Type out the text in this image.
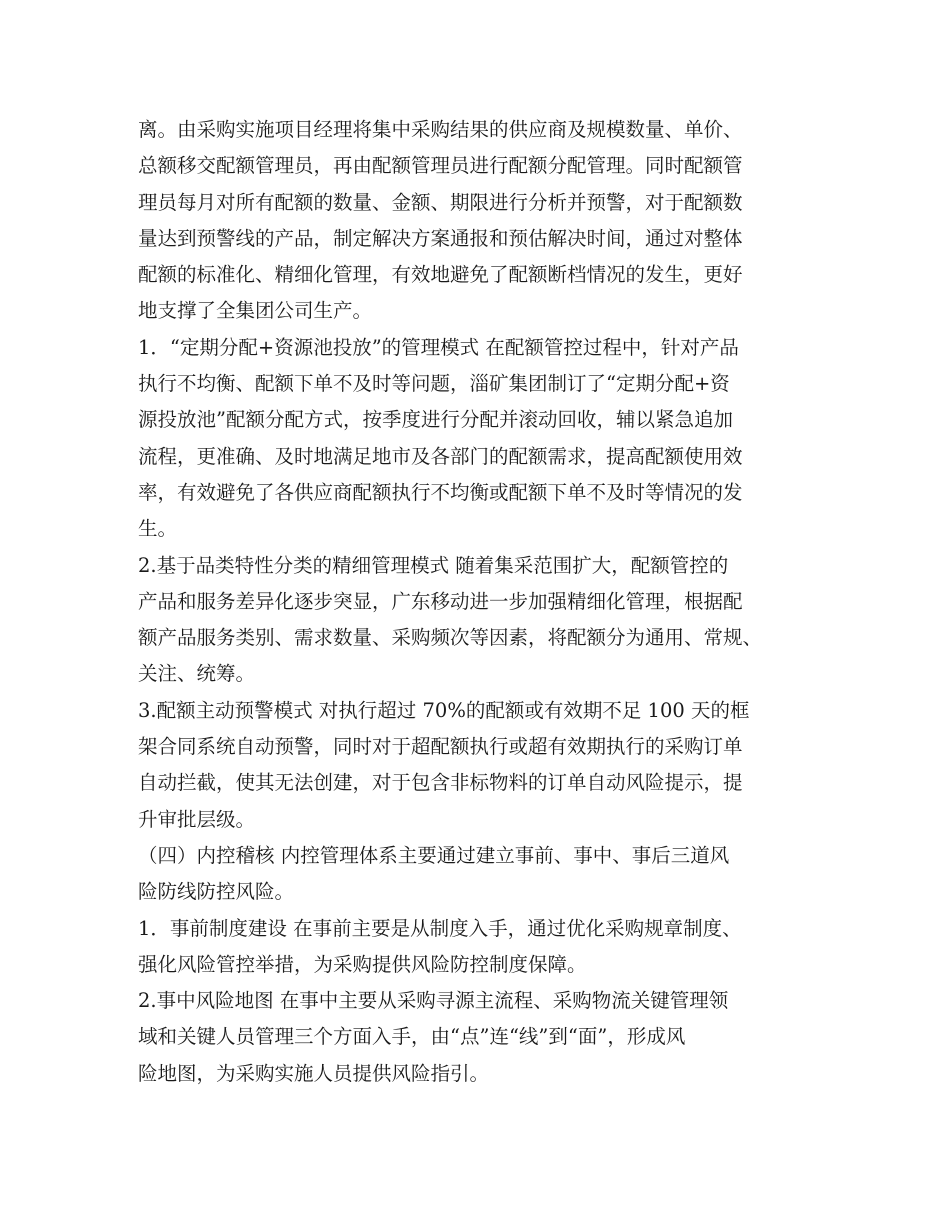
离。由采购实施项目经理将集中采购结果的供应商及规模数量、单价、
总额移交配额管理员，再由配额管理员进行配额分配管理。同时配额管
理员每月对所有配额的数量、金额、期限进行分析并预警，对于配额数
量达到预警线的产品，制定解决方案通报和预估解决时间，通过对整体
配额的标准化、精细化管理，有效地避免了配额断档情况的发生，更好
地支撑了全集团公司生产。
1．“定期分配+资源池投放”的管理模式 在配额管控过程中，针对产品
执行不均衡、配额下单不及时等问题，淄矿集团制订了“定期分配+资
源投放池”配额分配方式，按季度进行分配并滚动回收，辅以紧急追加
流程，更准确、及时地满足地市及各部门的配额需求，提高配额使用效
率，有效避免了各供应商配额执行不均衡或配额下单不及时等情况的发
生。
2.基于品类特性分类的精细管理模式 随着集采范围扩大，配额管控的
产品和服务差异化逐步突显，广东移动进一步加强精细化管理，根据配
额产品服务类别、需求数量、采购频次等因素，将配额分为通用、常规、
关注、统筹。
3.配额主动预警模式 对执行超过 70%的配额或有效期不足 100 天的框
架合同系统自动预警，同时对于超配额执行或超有效期执行的采购订单
自动拦截，使其无法创建，对于包含非标物料的订单自动风险提示，提
升审批层级。
（四）内控稽核 内控管理体系主要通过建立事前、事中、事后三道风
险防线防控风险。
1．事前制度建设 在事前主要是从制度入手，通过优化采购规章制度、
强化风险管控举措，为采购提供风险防控制度保障。
2.事中风险地图 在事中主要从采购寻源主流程、采购物流关键管理领
域和关键人员管理三个方面入手，由“点”连“线”到“面”，形成风
险地图，为采购实施人员提供风险指引。
